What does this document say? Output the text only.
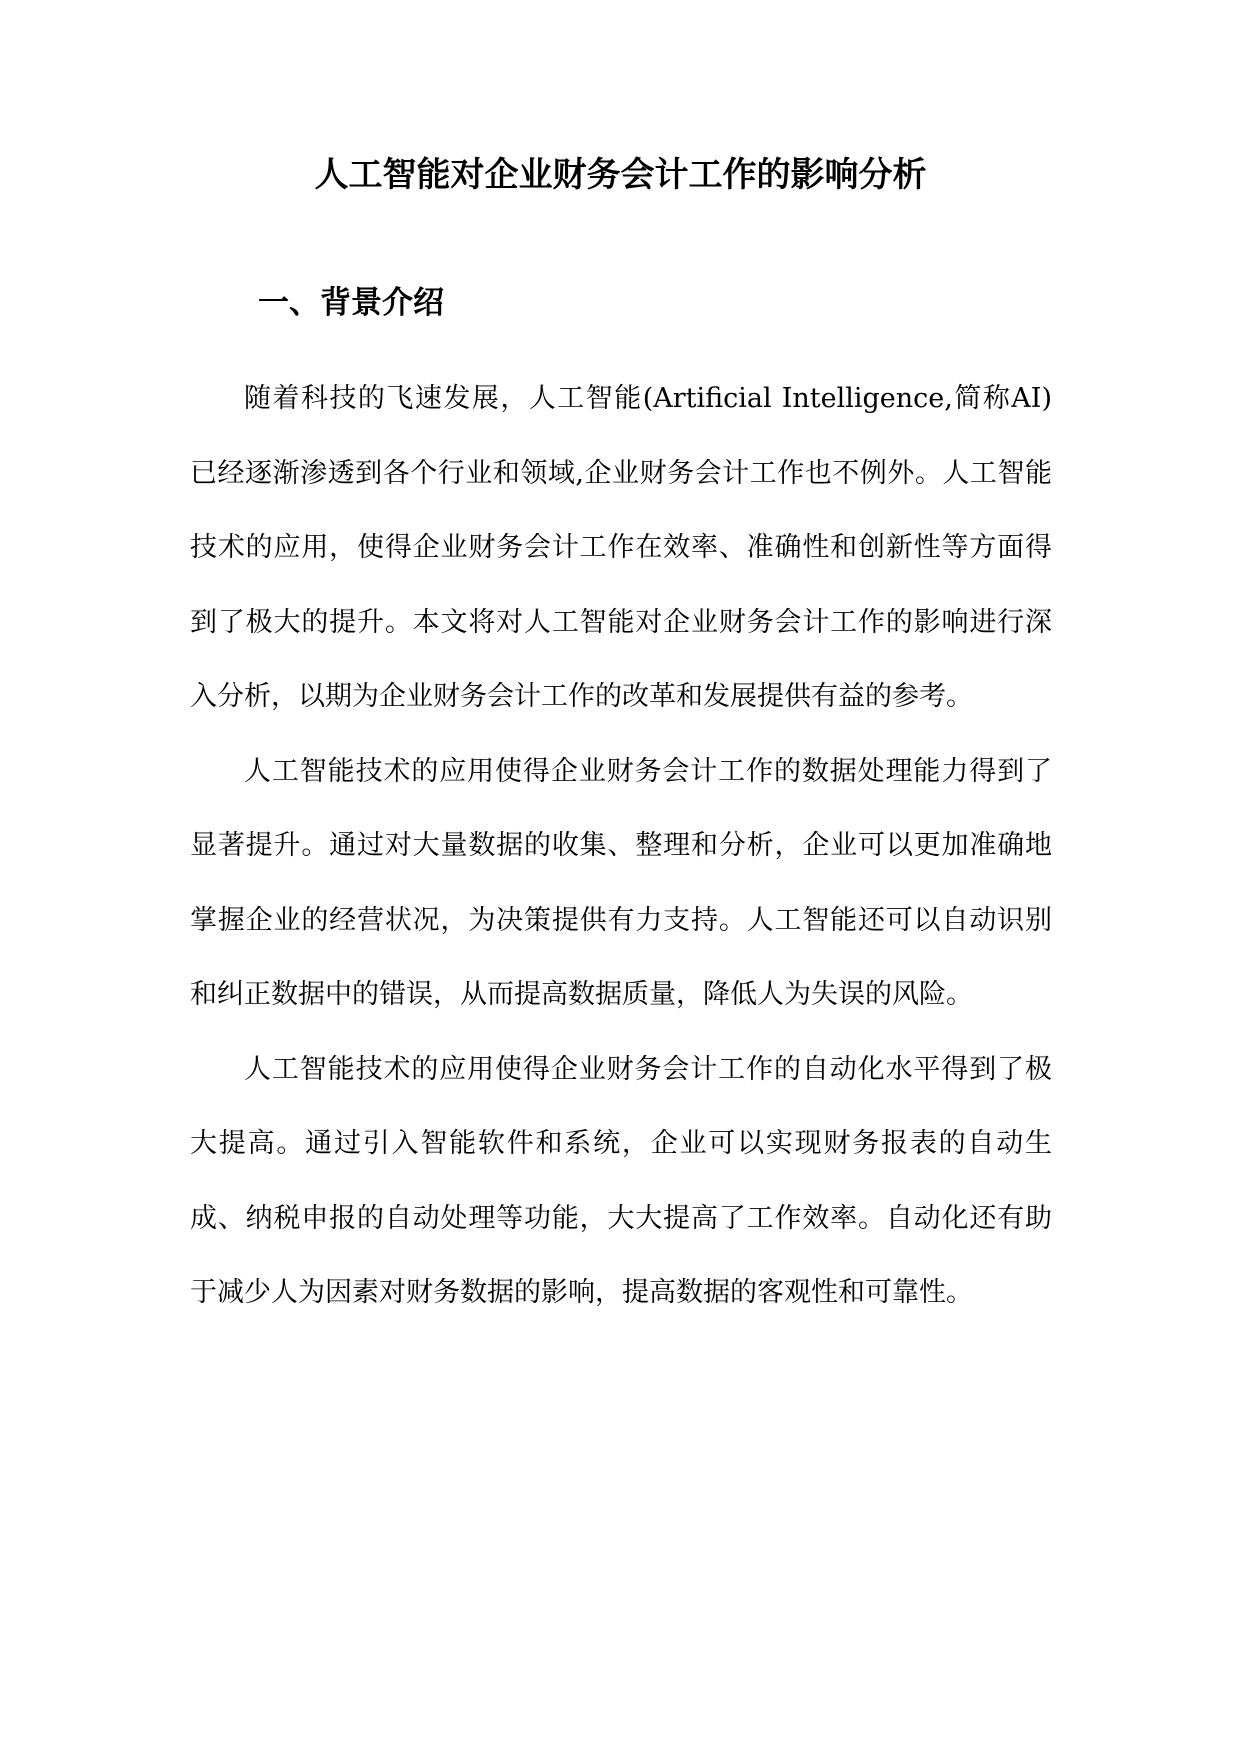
人工智能对企业财务会计工作的影响分析
一、背景介绍

随着科技的飞速发展，人工智能(Artificial Intelligence,简称AI)已经逐渐渗透到各个行业和领域,企业财务会计工作也不例外。人工智能技术的应用，使得企业财务会计工作在效率、准确性和创新性等方面得到了极大的提升。本文将对人工智能对企业财务会计工作的影响进行深入分析，以期为企业财务会计工作的改革和发展提供有益的参考。

人工智能技术的应用使得企业财务会计工作的数据处理能力得到了显著提升。通过对大量数据的收集、整理和分析，企业可以更加准确地掌握企业的经营状况，为决策提供有力支持。人工智能还可以自动识别和纠正数据中的错误，从而提高数据质量，降低人为失误的风险。

人工智能技术的应用使得企业财务会计工作的自动化水平得到了极大提高。通过引入智能软件和系统，企业可以实现财务报表的自动生成、纳税申报的自动处理等功能，大大提高了工作效率。自动化还有助于减少人为因素对财务数据的影响，提高数据的客观性和可靠性。
